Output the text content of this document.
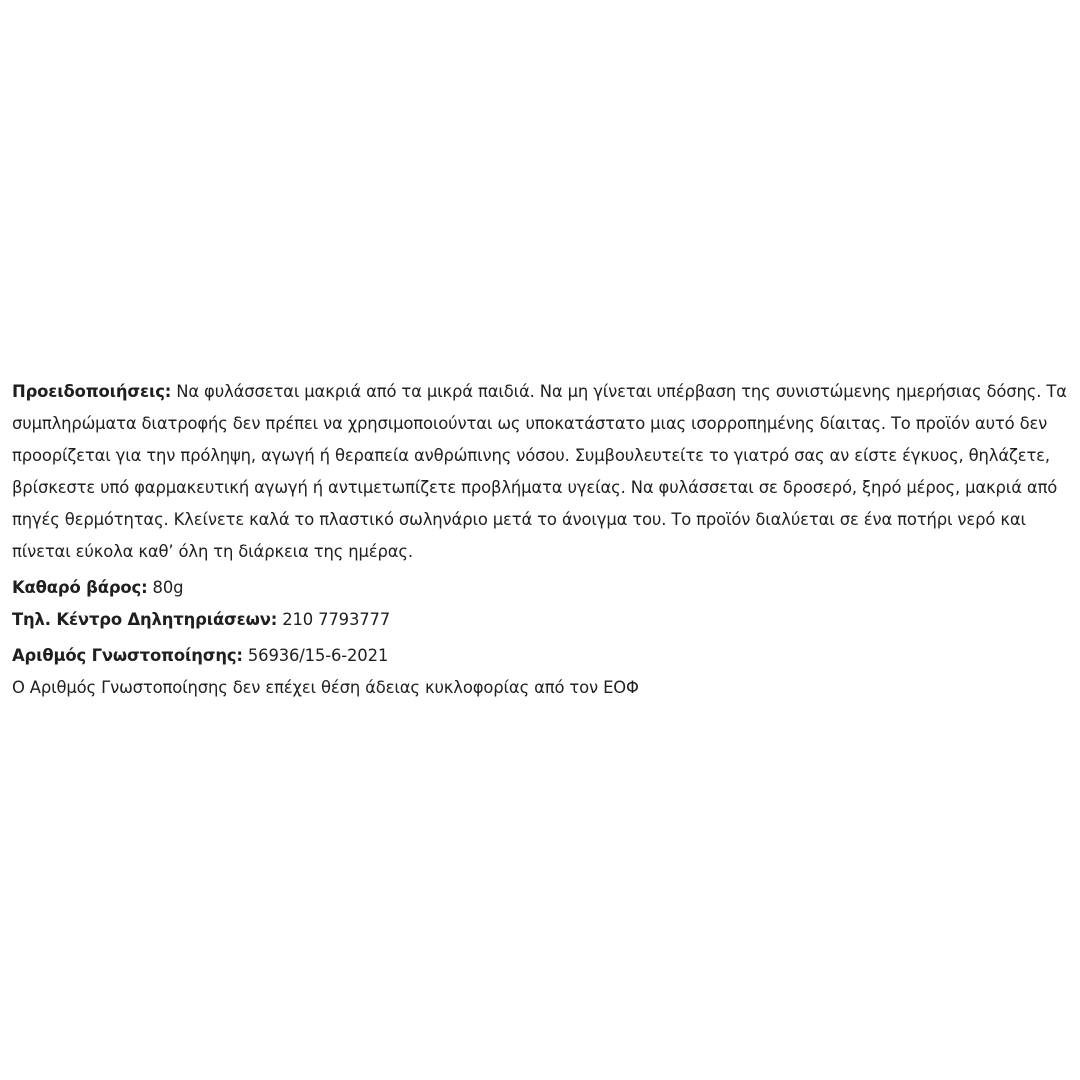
Προειδοποιήσεις: Να φυλάσσεται μακριά από τα μικρά παιδιά. Να μη γίνεται υπέρβαση της συνιστώμενης ημερήσιας δόσης. Τα συμπληρώματα διατροφής δεν πρέπει να χρησιμοποιούνται ως υποκατάστατο μιας ισορροπημένης δίαιτας. Το προϊόν αυτό δεν προορίζεται για την πρόληψη, αγωγή ή θεραπεία ανθρώπινης νόσου. Συμβουλευτείτε το γιατρό σας αν είστε έγκυος, θηλάζετε, βρίσκεστε υπό φαρμακευτική αγωγή ή αντιμετωπίζετε προβλήματα υγείας. Να φυλάσσεται σε δροσερό, ξηρό μέρος, μακριά από πηγές θερμότητας. Κλείνετε καλά το πλαστικό σωληνάριο μετά το άνοιγμα του. Το προϊόν διαλύεται σε ένα ποτήρι νερό και πίνεται εύκολα καθ’ όλη τη διάρκεια της ημέρας.

Καθαρό βάρος: 80g

Τηλ. Κέντρο Δηλητηριάσεων: 210 7793777

Αριθμός Γνωστοποίησης: 56936/15-6-2021

Ο Αριθμός Γνωστοποίησης δεν επέχει θέση άδειας κυκλοφορίας από τον ΕΟΦ
